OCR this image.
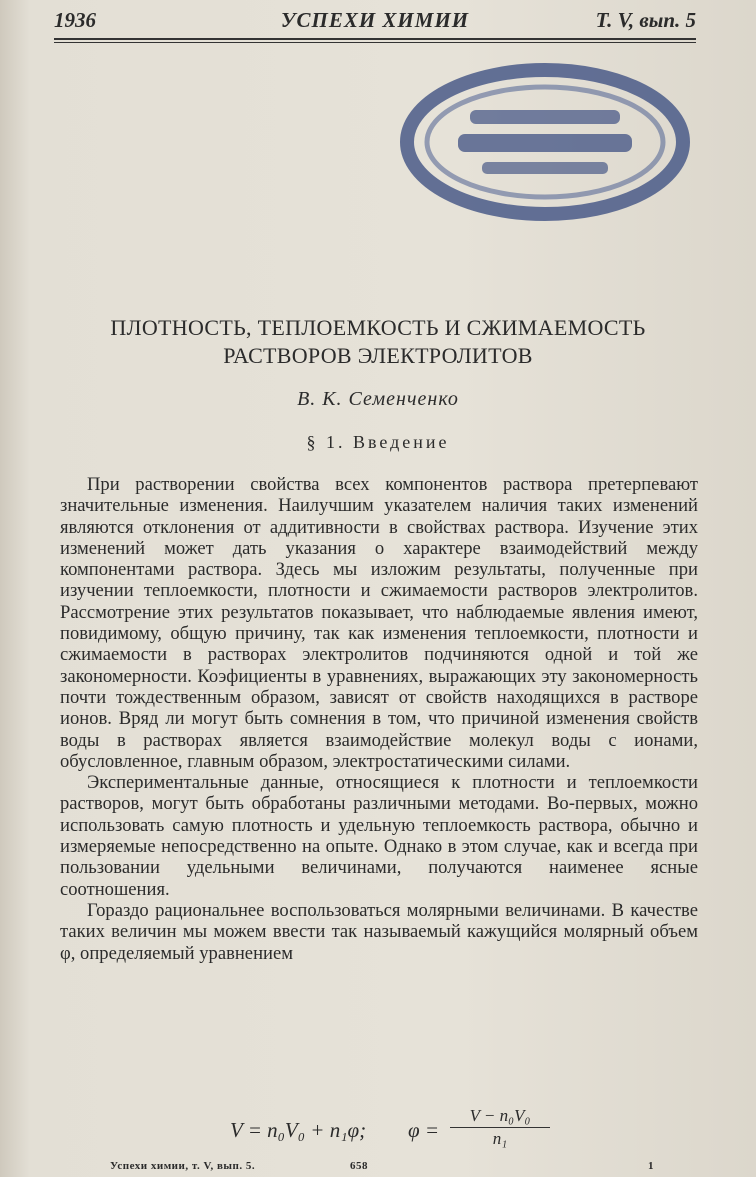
1936	УСПЕХИ ХИМИИ	Т. V, вып. 5
ПЛОТНОСТЬ, ТЕПЛОЕМКОСТЬ И СЖИМАЕМОСТЬ
РАСТВОРОВ ЭЛЕКТРОЛИТОВ
В. К. Семенченко
§ 1. Введение

При растворении свойства всех компонентов раствора претерпевают значительные изменения. Наилучшим указателем наличия таких изменений являются отклонения от аддитивности в свойствах раствора. Изучение этих изменений может дать указания о характере взаимодействий между компонентами раствора. Здесь мы изложим результаты, полученные при изучении теплоемкости, плотности и сжимаемости растворов электролитов. Рассмотрение этих результатов показывает, что наблюдаемые явления имеют, повидимому, общую причину, так как изменения теплоемкости, плотности и сжимаемости в растворах электролитов подчиняются одной и той же закономерности. Коэфициенты в уравнениях, выражающих эту закономерность почти тождественным образом, зависят от свойств находящихся в растворе ионов. Вряд ли могут быть сомнения в том, что причиной изменения свойств воды в растворах является взаимодействие молекул воды с ионами, обусловленное, главным образом, электростатическими силами.

Экспериментальные данные, относящиеся к плотности и теплоемкости растворов, могут быть обработаны различными методами. Во-первых, можно использовать самую плотность и удельную теплоемкость раствора, обычно и измеряемые непосредственно на опыте. Однако в этом случае, как и всегда при пользовании удельными величинами, получаются наименее ясные соотношения.

Гораздо рациональнее воспользоваться молярными величинами. В качестве таких величин мы можем ввести так называемый кажущийся молярный объем φ, определяемый уравнением

V = n₀V₀ + n₁φ; $\varphi = \frac{\text{V − n₀V₀}}{\text{n₁}}$
Успехи химии, т. V, вып. 5.	658	1
